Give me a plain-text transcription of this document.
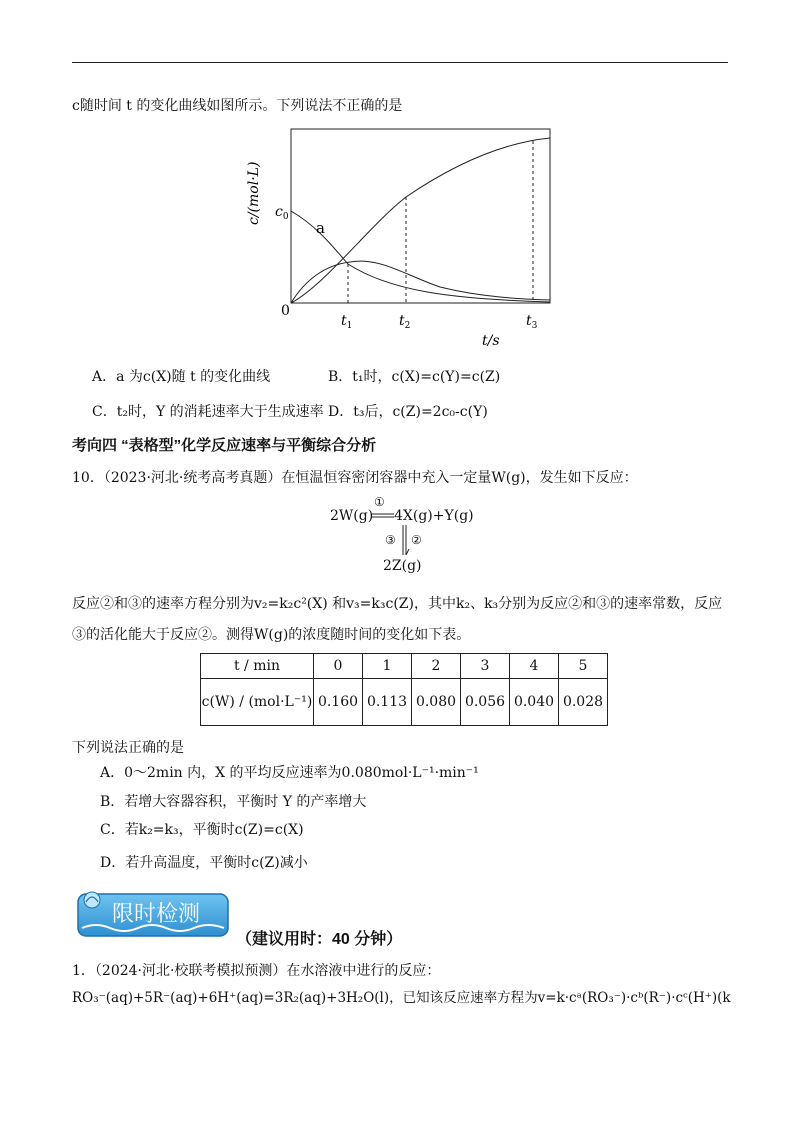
c随时间 t 的变化曲线如图所示。下列说法不正确的是
c/(mol·L) $c_0$
a
0
$t_1$	$t_2$	$t_3$
t/s
A．a 为c(X)随 t 的变化曲线	B．t₁时，c(X)=c(Y)=c(Z)
C．t₂时，Y 的消耗速率大于生成速率 D．t₃后，c(Z)=2c₀-c(Y)
考向四 “表格型”化学反应速率与平衡综合分析
10．（2023·河北·统考高考真题）在恒温恒容密闭容器中充入一定量W(g)，发生如下反应：
2W(g)
①
4X(g)+Y(g)
③ ②
2Z(g)
反应②和③的速率方程分别为v₂=k₂c²(X) 和v₃=k₃c(Z)，其中k₂、k₃分别为反应②和③的速率常数，反应
③的活化能大于反应②。测得W(g)的浓度随时间的变化如下表。
t / min	0	1	2	3	4	5
c(W) / (mol·L⁻¹)	0.160	0.113	0.080	0.056	0.040	0.028
下列说法正确的是
A．0～2min 内，X 的平均反应速率为0.080mol·L⁻¹·min⁻¹
B．若增大容器容积，平衡时 Y 的产率增大
C．若k₂=k₃，平衡时c(Z)=c(X)
D．若升高温度，平衡时c(Z)减小
限时检测
（建议用时：40 分钟）
1．（2024·河北·校联考模拟预测）在水溶液中进行的反应：
RO₃⁻(aq)+5R⁻(aq)+6H⁺(aq)=3R₂(aq)+3H₂O(l)，已知该反应速率方程为v=k·cᵃ(RO₃⁻)·cᵇ(R⁻)·cᶜ(H⁺)(k
